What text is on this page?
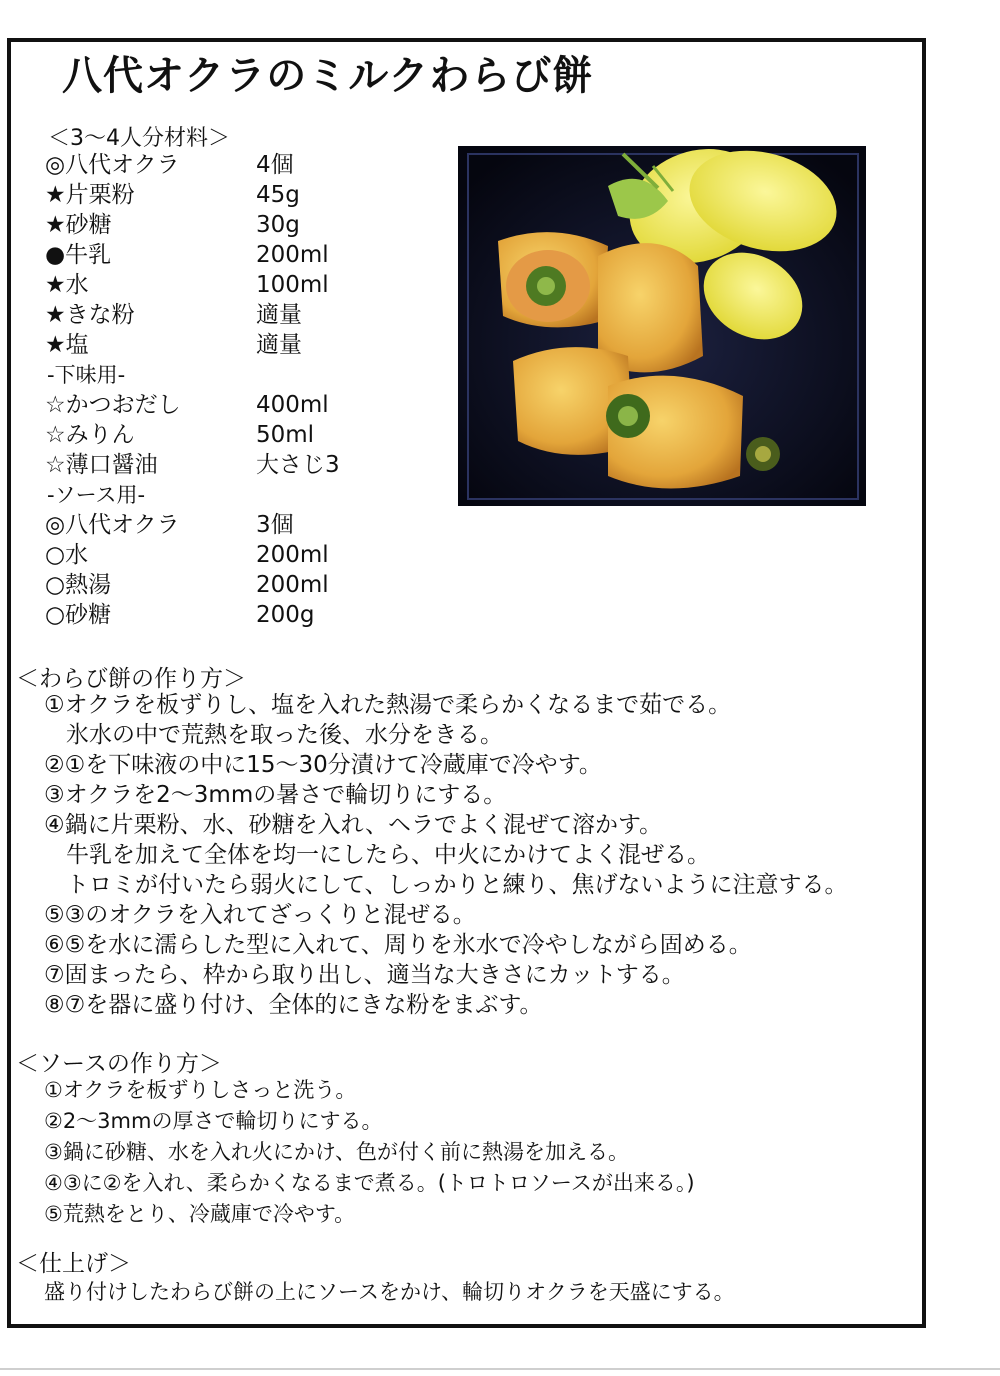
八代オクラのミルクわらび餅
＜3～4人分材料＞
◎八代オクラ	4個
★片栗粉	45g
★砂糖	30g
●牛乳	200ml
★水	100ml
★きな粉	適量
★塩	適量
-下味用-
☆かつおだし	400ml
☆みりん	50ml
☆薄口醤油	大さじ3
-ソース用-
◎八代オクラ	3個
○水	200ml
○熱湯	200ml
○砂糖	200g
＜わらび餅の作り方＞
①オクラを板ずりし、塩を入れた熱湯で柔らかくなるまで茹でる。
氷水の中で荒熱を取った後、水分をきる。
②①を下味液の中に15～30分漬けて冷蔵庫で冷やす。
③オクラを2～3mmの暑さで輪切りにする。
④鍋に片栗粉、水、砂糖を入れ、ヘラでよく混ぜて溶かす。
牛乳を加えて全体を均一にしたら、中火にかけてよく混ぜる。
トロミが付いたら弱火にして、しっかりと練り、焦げないように注意する。
⑤③のオクラを入れてざっくりと混ぜる。
⑥⑤を水に濡らした型に入れて、周りを氷水で冷やしながら固める。
⑦固まったら、枠から取り出し、適当な大きさにカットする。
⑧⑦を器に盛り付け、全体的にきな粉をまぶす。
＜ソースの作り方＞
①オクラを板ずりしさっと洗う。
②2～3mmの厚さで輪切りにする。
③鍋に砂糖、水を入れ火にかけ、色が付く前に熱湯を加える。
④③に②を入れ、柔らかくなるまで煮る。(トロトロソースが出来る。)
⑤荒熱をとり、冷蔵庫で冷やす。
＜仕上げ＞
盛り付けしたわらび餅の上にソースをかけ、輪切りオクラを天盛にする。
